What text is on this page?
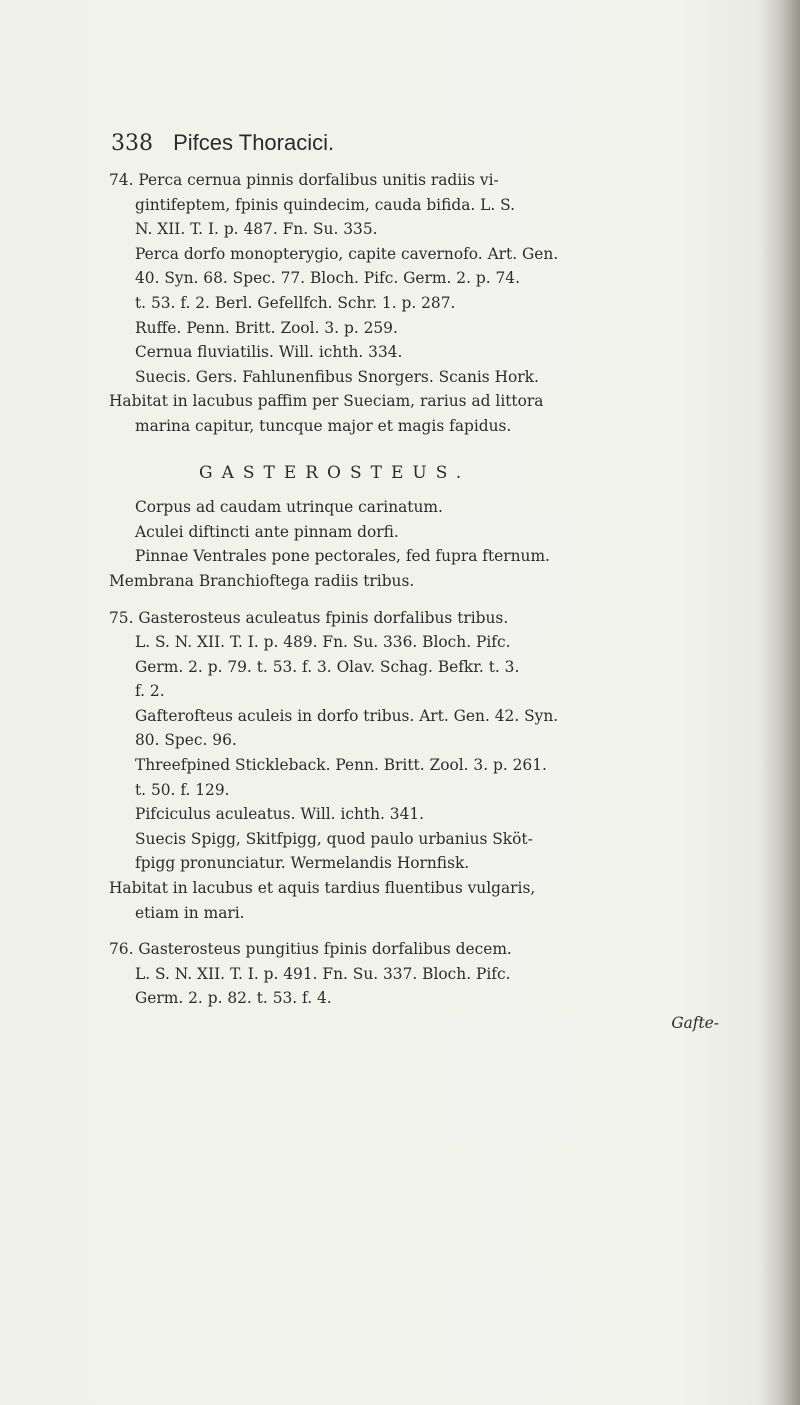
338 Pifces Thoracici.

74. Perca cernua pinnis dorfalibus unitis radiis vi-

gintifeptem, fpinis quindecim, cauda bifida. L. S.

N. XII. T. I. p. 487. Fn. Su. 335.

Perca dorfo monopterygio, capite cavernofo. Art. Gen.

40. Syn. 68. Spec. 77. Bloch. Pifc. Germ. 2. p. 74.

t. 53. f. 2. Berl. Gefellfch. Schr. 1. p. 287.

Ruffe. Penn. Britt. Zool. 3. p. 259.

Cernua fluviatilis. Will. ichth. 334.

Suecis. Gers. Fahlunenfibus Snorgers. Scanis Hork.

Habitat in lacubus paffim per Sueciam, rarius ad littora

marina capitur, tuncque major et magis fapidus.

GASTEROSTEUS.

Corpus ad caudam utrinque carinatum.

Aculei diftincti ante pinnam dorfi.

Pinnae Ventrales pone pectorales, fed fupra fternum.

Membrana Branchioftega radiis tribus.

75. Gasterosteus aculeatus fpinis dorfalibus tribus.

L. S. N. XII. T. I. p. 489. Fn. Su. 336. Bloch. Pifc.

Germ. 2. p. 79. t. 53. f. 3. Olav. Schag. Befkr. t. 3.

f. 2.

Gafterofteus aculeis in dorfo tribus. Art. Gen. 42. Syn.

80. Spec. 96.

Threefpined Stickleback. Penn. Britt. Zool. 3. p. 261.

t. 50. f. 129.

Pifciculus aculeatus. Will. ichth. 341.

Suecis Spigg, Skitfpigg, quod paulo urbanius Sköt-

fpigg pronunciatur. Wermelandis Hornfisk.

Habitat in lacubus et aquis tardius fluentibus vulgaris,

etiam in mari.

76. Gasterosteus pungitius fpinis dorfalibus decem.

L. S. N. XII. T. I. p. 491. Fn. Su. 337. Bloch. Pifc.

Germ. 2. p. 82. t. 53. f. 4.

Gafte-
